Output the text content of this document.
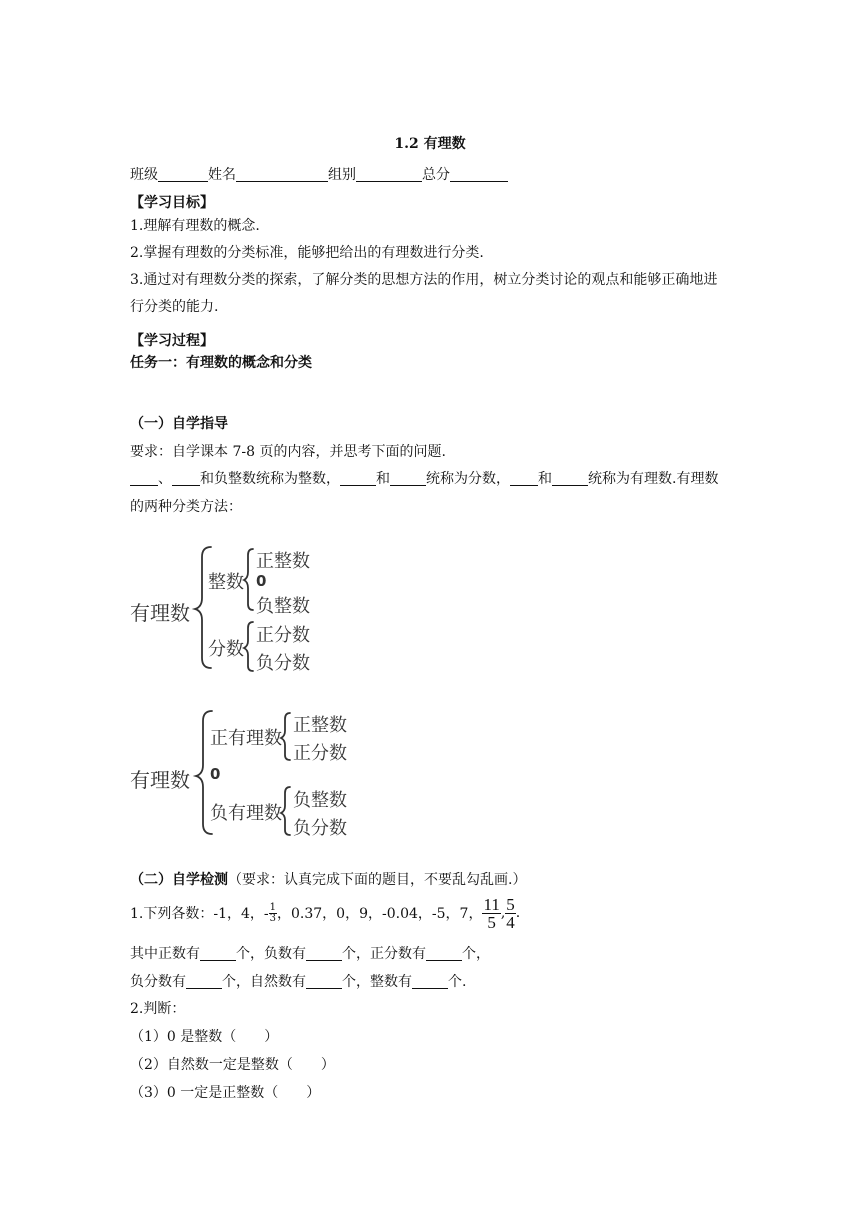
1.2 有理数
班级	姓名	组别	总分
【学习目标】
1.理解有理数的概念.
2.掌握有理数的分类标准，能够把给出的有理数进行分类.
3.通过对有理数分类的探索，了解分类的思想方法的作用，树立分类讨论的观点和能够正确地进
行分类的能力.
【学习过程】
任务一：有理数的概念和分类
（一）自学指导
要求：自学课本 7-8 页的内容，并思考下面的问题.
、 和负整数统称为整数，	和	统称为分数， 和	统称为有理数.有理数
的两种分类方法：
有理数
整数
正整数
0
负整数
分数
正分数
负分数
有理数
正有理数
正整数
正分数
0
负有理数
负整数
负分数
（二）自学检测（要求：认真完成下面的题目，不要乱勾乱画.）
1.下列各数：-1，4，- $\frac{1}{3}$ ，0.37，0，9，-0.04，-5，7， $\frac{11}{5}$ , $\frac{5}{4}$ .
其中正数有	个，负数有	个，正分数有	个，
负分数有	个，自然数有	个，整数有	个.
2.判断：
（1）0 是整数（　　）
（2）自然数一定是整数（　　）
（3）0 一定是正整数（　　）
